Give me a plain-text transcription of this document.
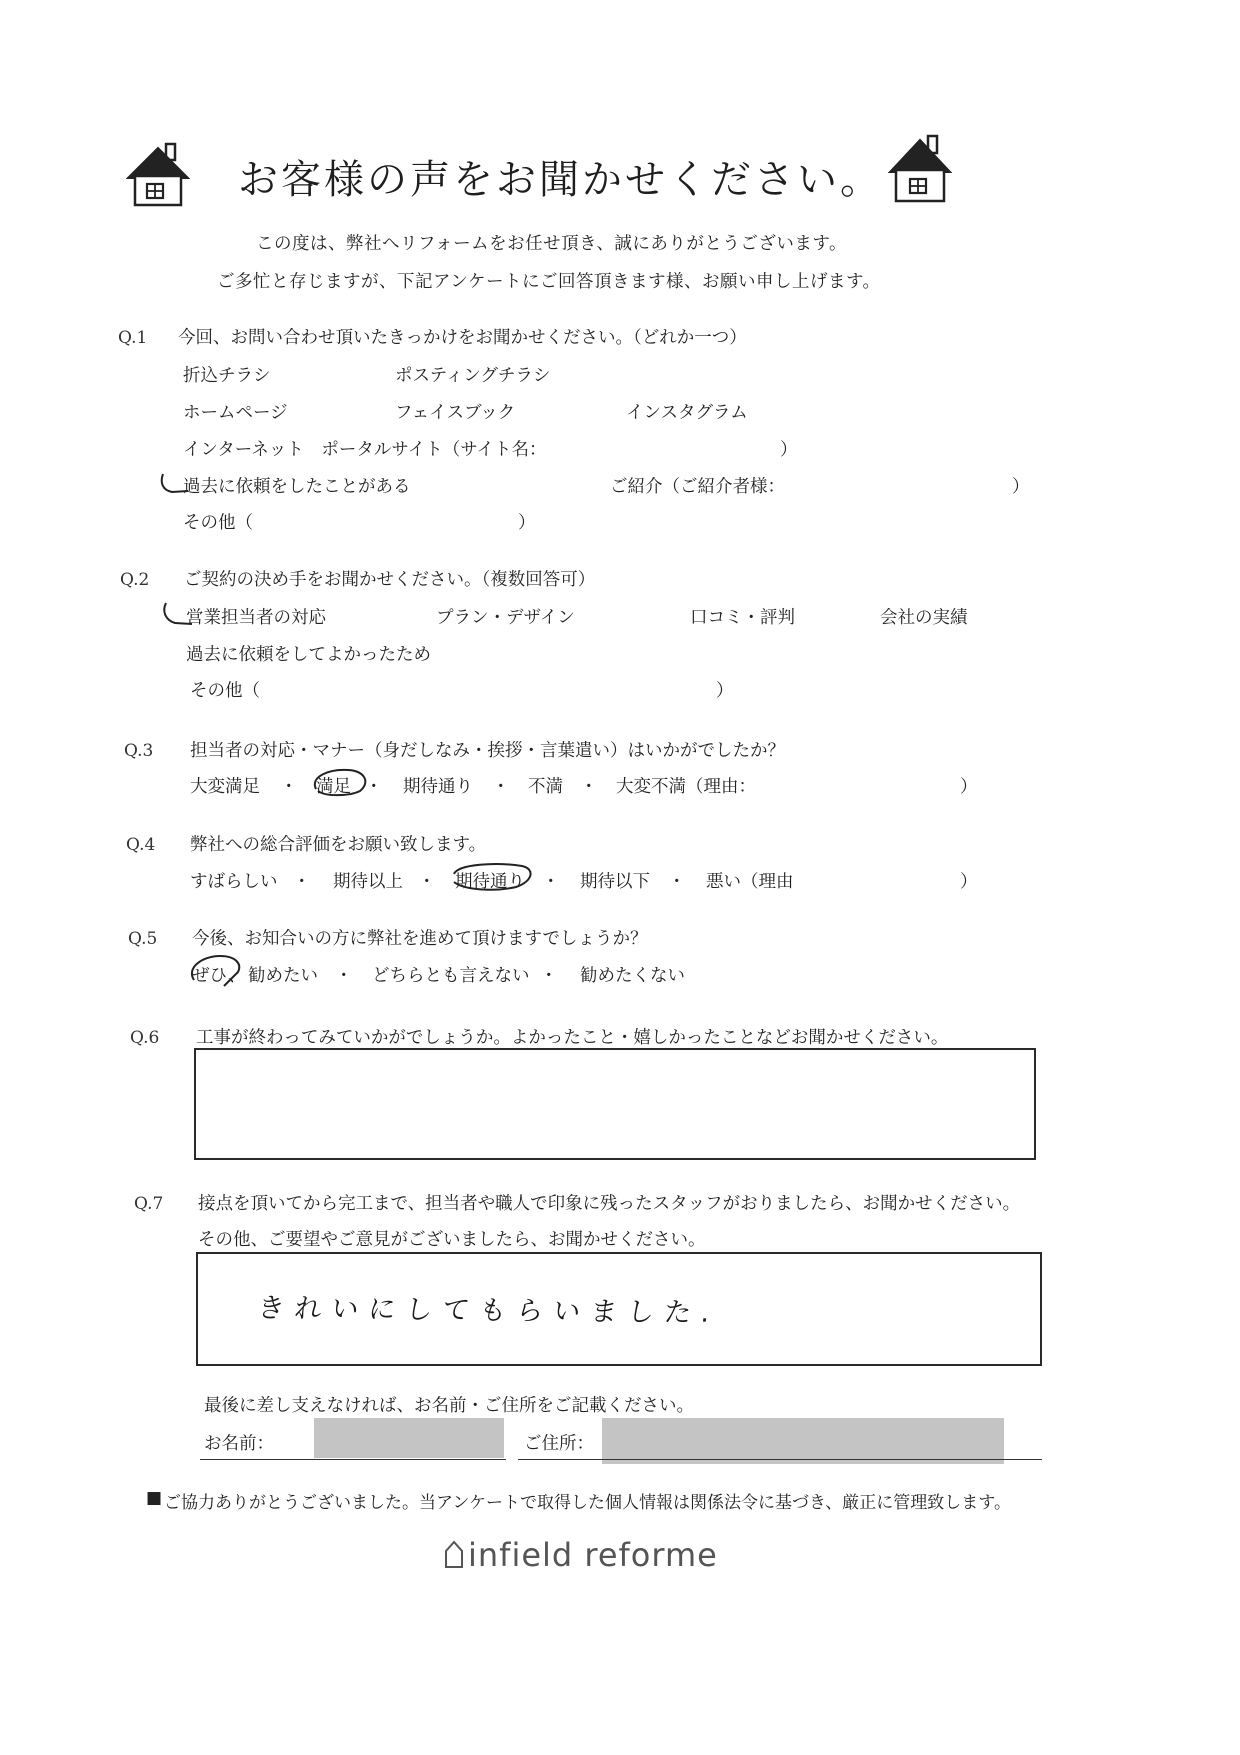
お客様の声をお聞かせください。
この度は、弊社へリフォームをお任せ頂き、誠にありがとうございます。
ご多忙と存じますが、下記アンケートにご回答頂きます様、お願い申し上げます。
Q.1 今回、お問い合わせ頂いたきっかけをお聞かせください。（どれか一つ）
折込チラシ	ポスティングチラシ
ホームページ	フェイスブック	インスタグラム
インターネット　ポータルサイト（サイト名：	）
過去に依頼をしたことがある	ご紹介（ご紹介者様：	）
その他（	）
Q.2 ご契約の決め手をお聞かせください。（複数回答可）
営業担当者の対応	プラン・デザイン	口コミ・評判	会社の実績
過去に依頼をしてよかったため
その他（	）
Q.3 担当者の対応・マナー（身だしなみ・挨拶・言葉遣い）はいかがでしたか？
大変満足 ・ 満足 ・ 期待通り ・ 不満 ・ 大変不満（理由：	）
Q.4 弊社への総合評価をお願い致します。
すばらしい ・ 期待以上 ・ 期待通り ・ 期待以下 ・ 悪い（理由	）
Q.5 今後、お知合いの方に弊社を進めて頂けますでしょうか？
ぜひ 、 勧めたい ・ どちらとも言えない ・ 勧めたくない
Q.6 工事が終わってみていかがでしょうか。よかったこと・嬉しかったことなどお聞かせください。
Q.7 接点を頂いてから完工まで、担当者や職人で印象に残ったスタッフがおりましたら、お聞かせください。
その他、ご要望やご意見がございましたら、お聞かせください。
きれいにしてもらいました.
最後に差し支えなければ、お名前・ご住所をご記載ください。
お名前：	ご住所：
■ ご協力ありがとうございました。当アンケートで取得した個人情報は関係法令に基づき、厳正に管理致します。
infield reforme
